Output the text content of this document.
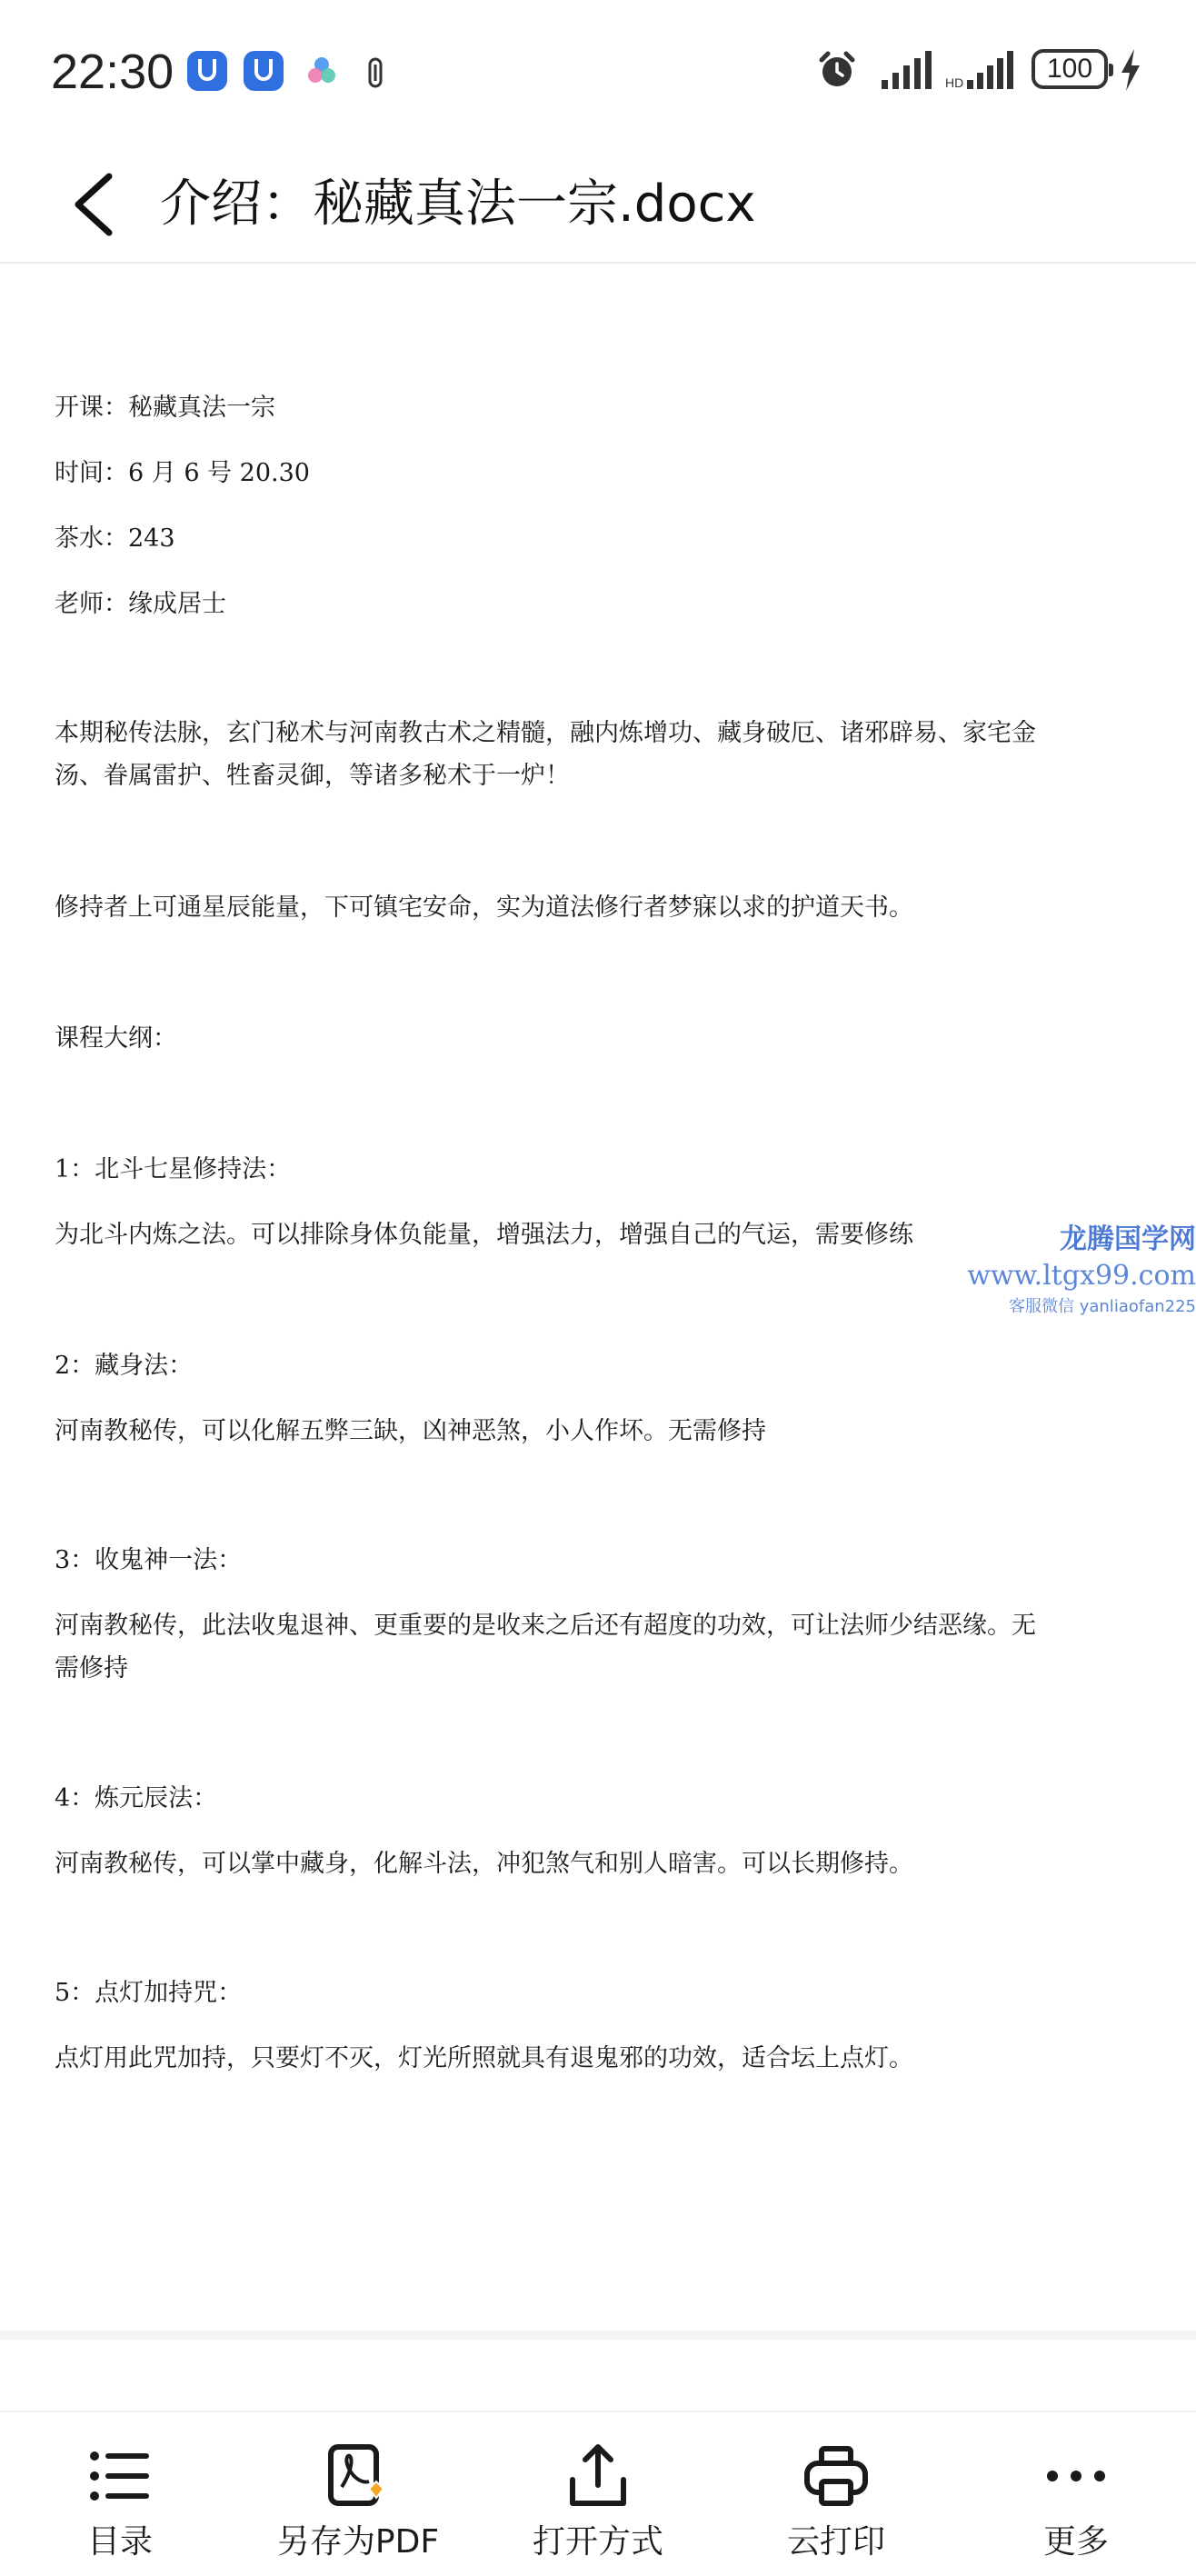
22:30	HD	100
介绍：秘藏真法一宗.docx
开课：秘藏真法一宗
时间：6 月 6 号 20.30
茶水：243
老师：缘成居士
本期秘传法脉，玄门秘术与河南教古术之精髓，融内炼增功、藏身破厄、诸邪辟易、家宅金
汤、眷属雷护、牲畜灵御，等诸多秘术于一炉！
修持者上可通星辰能量，下可镇宅安命，实为道法修行者梦寐以求的护道天书。
课程大纲：
1：北斗七星修持法：
为北斗内炼之法。可以排除身体负能量，增强法力，增强自己的气运，需要修练
2：藏身法：
河南教秘传，可以化解五弊三缺，凶神恶煞，小人作坏。无需修持
3：收鬼神一法：
河南教秘传，此法收鬼退神、更重要的是收来之后还有超度的功效，可让法师少结恶缘。无
需修持
4：炼元辰法：
河南教秘传，可以掌中藏身，化解斗法，冲犯煞气和别人暗害。可以长期修持。
5：点灯加持咒：
点灯用此咒加持，只要灯不灭，灯光所照就具有退鬼邪的功效，适合坛上点灯。
龙腾国学网
www.ltgx99.com
客服微信 yanliaofan225
目录	另存为PDF	打开方式	云打印	更多
